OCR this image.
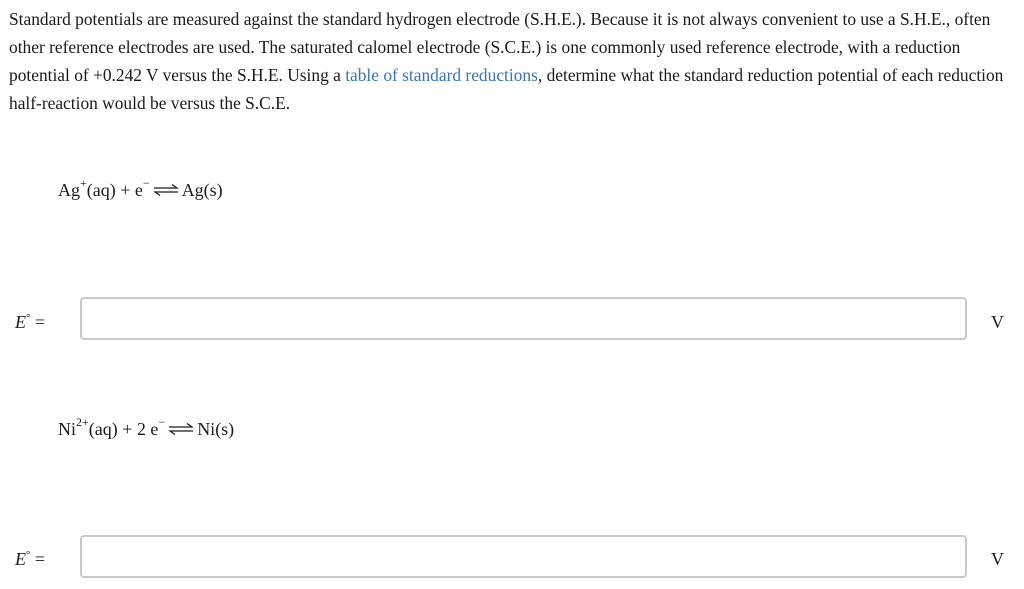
Standard potentials are measured against the standard hydrogen electrode (S.H.E.). Because it is not always convenient to use a S.H.E., often other reference electrodes are used. The saturated calomel electrode (S.C.E.) is one commonly used reference electrode, with a reduction potential of +0.242 V versus the S.H.E. Using a table of standard reductions, determine what the standard reduction potential of each reduction half-reaction would be versus the S.C.E.

Ag+(aq) + e− ⇌ Ag(s)
E° =	V
$Ni^{2+}(aq) + 2$ e− ⇌ Ni(s)
E° =	V
